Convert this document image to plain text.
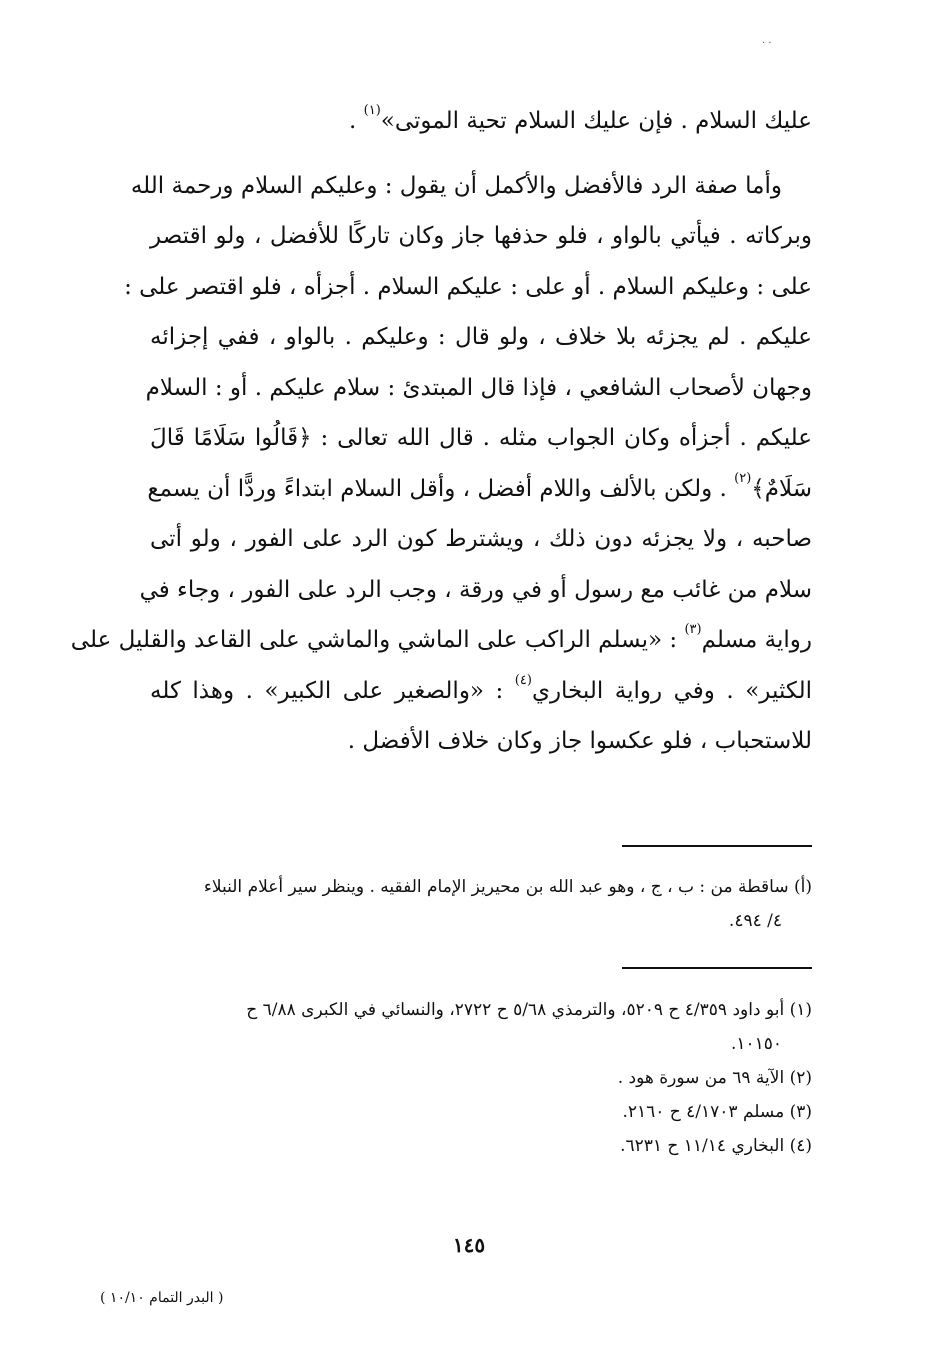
· ·
عليك السلام . فإن عليك السلام تحية الموتى»$^{(١)}$ .
وأما صفة الرد فالأفضل والأكمل أن يقول : وعليكم السلام ورحمة الله
وبركاته . فيأتي بالواو ، فلو حذفها جاز وكان تاركًا للأفضل ، ولو اقتصر
على : وعليكم السلام . أو على : عليكم السلام . أجزأه ، فلو اقتصر على :
عليكم . لم يجزئه بلا خلاف ، ولو قال : وعليكم . بالواو ، ففي إجزائه
وجهان لأصحاب الشافعي ، فإذا قال المبتدئ : سلام عليكم . أو : السلام
عليكم . أجزأه وكان الجواب مثله . قال الله تعالى : ﴿قَالُوا سَلَامًا قَالَ
سَلَامٌ﴾$^{(٢)}$ . ولكن بالألف واللام أفضل ، وأقل السلام ابتداءً وردًّا أن يسمع
صاحبه ، ولا يجزئه دون ذلك ، ويشترط كون الرد على الفور ، ولو أتى
سلام من غائب مع رسول أو في ورقة ، وجب الرد على الفور ، وجاء في
رواية مسلم$^{(٣)}$ : «يسلم الراكب على الماشي والماشي على القاعد والقليل على
الكثير» . وفي رواية البخاري$^{(٤)}$ : «والصغير على الكبير» . وهذا كله
للاستحباب ، فلو عكسوا جاز وكان خلاف الأفضل .
(أ) ساقطة من : ب ، ج ، وهو عبد الله بن محيريز الإمام الفقيه . وينظر سير أعلام النبلاء
٤/ ٤٩٤.
(١) أبو داود ٤/٣٥٩ ح ٥٢٠٩، والترمذي ٥/٦٨ ح ٢٧٢٢، والنسائي في الكبرى ٦/٨٨ ح
١٠١٥٠.
(٢) الآية ٦٩ من سورة هود .
(٣) مسلم ٤/١٧٠٣ ح ٢١٦٠.
(٤) البخاري ١١/١٤ ح ٦٢٣١.
١٤٥
( البدر التمام ١٠/١٠ )
